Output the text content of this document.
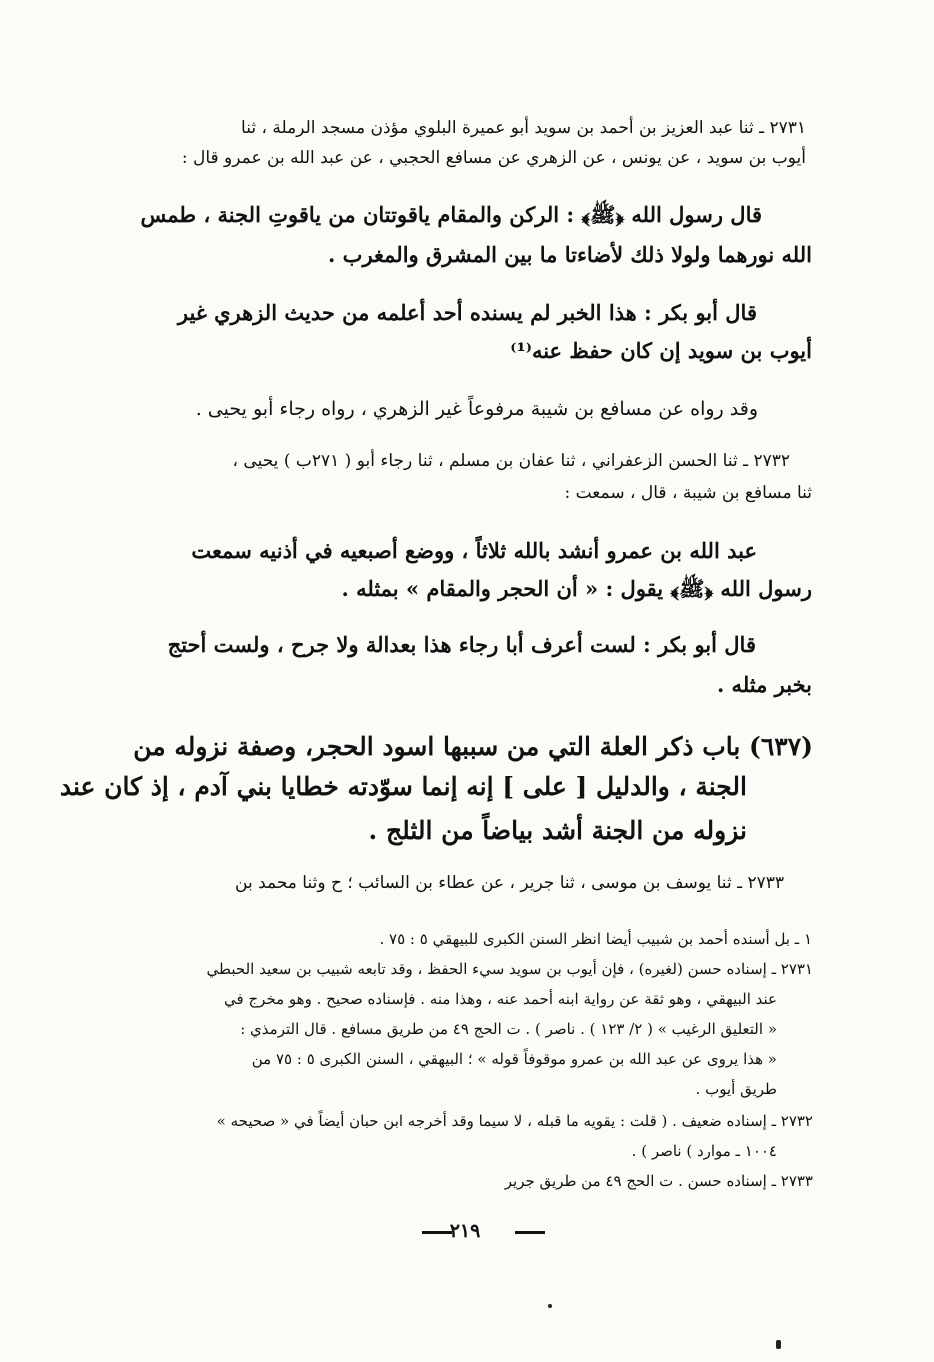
٢٧٣١ ـ ثنا عبد العزيز بن أحمد بن سويد أبو عميرة البلوي مؤذن مسجد الرملة ، ثنا
أيوب بن سويد ، عن يونس ، عن الزهري عن مسافع الحجبي ، عن عبد الله بن عمرو قال :
قال رسول الله ﴿ﷺ﴾ : الركن والمقام ياقوتتان من ياقوتِ الجنة ، طمس
الله نورهما ولولا ذلك لأضاءتا ما بين المشرق والمغرب .
قال أبو بكر : هذا الخبر لم يسنده أحد أعلمه من حديث الزهري غير
أيوب بن سويد إن كان حفظ عنه⁽¹⁾
وقد رواه عن مسافع بن شيبة مرفوعاً غير الزهري ، رواه رجاء أبو يحيى .
٢٧٣٢ ـ ثنا الحسن الزعفراني ، ثنا عفان بن مسلم ، ثنا رجاء أبو ( ٢٧١ب ) يحيى ،
ثنا مسافع بن شيبة ، قال ، سمعت :
عبد الله بن عمرو أنشد بالله ثلاثاً ، ووضع أصبعيه في أذنيه سمعت
رسول الله ﴿ﷺ﴾ يقول : « أن الحجر والمقام » بمثله .
قال أبو بكر : لست أعرف أبا رجاء هذا بعدالة ولا جرح ، ولست أحتج
بخبر مثله .
(٦٣٧) باب ذكر العلة التي من سببها اسود الحجر، وصفة نزوله من
الجنة ، والدليل [ على ] إنه إنما سوّدته خطايا بني آدم ، إذ كان عند
نزوله من الجنة أشد بياضاً من الثلج .
٢٧٣٣ ـ ثنا يوسف بن موسى ، ثنا جرير ، عن عطاء بن السائب ؛ ح وثنا محمد بن
١ ـ بل أسنده أحمد بن شبيب أيضا انظر السنن الكبرى للبيهقي ٥ : ٧٥ .
٢٧٣١ ـ إسناده حسن (لغيره) ، فإن أيوب بن سويد سيء الحفظ ، وقد تابعه شبيب بن سعيد الحبطي
عند البيهقي ، وهو ثقة عن رواية ابنه أحمد عنه ، وهذا منه . فإسناده صحيح . وهو مخرج في
« التعليق الرغيب » ( ٢/ ١٢٣ ) . ناصر ) . ت الحج ٤٩ من طريق مسافع . قال الترمذي :
« هذا يروى عن عبد الله بن عمرو موقوفاً قوله » ؛ البيهقي ، السنن الكبرى ٥ : ٧٥ من
طريق أيوب .
٢٧٣٢ ـ إسناده ضعيف . ( قلت : يقويه ما قبله ، لا سيما وقد أخرجه ابن حبان أيضاً في « صحيحه »
١٠٠٤ ـ موارد ) ناصر ) .
٢٧٣٣ ـ إسناده حسن . ت الحج ٤٩ من طريق جرير
٢١٩
